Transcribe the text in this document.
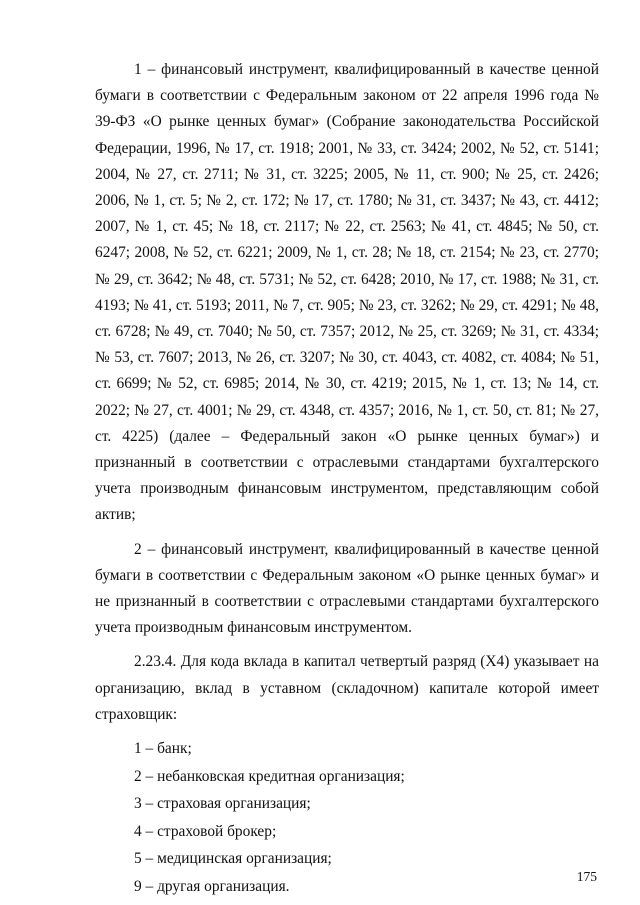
1 – финансовый инструмент, квалифицированный в качестве ценной бумаги в соответствии с Федеральным законом от 22 апреля 1996 года № 39-ФЗ «О рынке ценных бумаг» (Собрание законодательства Российской Федерации, 1996, № 17, ст. 1918; 2001, № 33, ст. 3424; 2002, № 52, ст. 5141; 2004, № 27, ст. 2711; № 31, ст. 3225; 2005, № 11, ст. 900; № 25, ст. 2426; 2006, № 1, ст. 5; № 2, ст. 172; № 17, ст. 1780; № 31, ст. 3437; № 43, ст. 4412; 2007, № 1, ст. 45; № 18, ст. 2117; № 22, ст. 2563; № 41, ст. 4845; № 50, ст. 6247; 2008, № 52, ст. 6221; 2009, № 1, ст. 28; № 18, ст. 2154; № 23, ст. 2770; № 29, ст. 3642; № 48, ст. 5731; № 52, ст. 6428; 2010, № 17, ст. 1988; № 31, ст. 4193; № 41, ст. 5193; 2011, № 7, ст. 905; № 23, ст. 3262; № 29, ст. 4291; № 48, ст. 6728; № 49, ст. 7040; № 50, ст. 7357; 2012, № 25, ст. 3269; № 31, ст. 4334; № 53, ст. 7607; 2013, № 26, ст. 3207; № 30, ст. 4043, ст. 4082, ст. 4084; № 51, ст. 6699; № 52, ст. 6985; 2014, № 30, ст. 4219; 2015, № 1, ст. 13; № 14, ст. 2022; № 27, ст. 4001; № 29, ст. 4348, ст. 4357; 2016, № 1, ст. 50, ст. 81; № 27, ст. 4225) (далее – Федеральный закон «О рынке ценных бумаг») и признанный в соответствии с отраслевыми стандартами бухгалтерского учета производным финансовым инструментом, представляющим собой актив;

2 – финансовый инструмент, квалифицированный в качестве ценной бумаги в соответствии с Федеральным законом «О рынке ценных бумаг» и не признанный в соответствии с отраслевыми стандартами бухгалтерского учета производным финансовым инструментом.

2.23.4. Для кода вклада в капитал четвертый разряд (X4) указывает на организацию, вклад в уставном (складочном) капитале которой имеет страховщик:

1 – банк;
2 – небанковская кредитная организация;
3 – страховая организация;
4 – страховой брокер;
5 – медицинская организация;
9 – другая организация.
175
